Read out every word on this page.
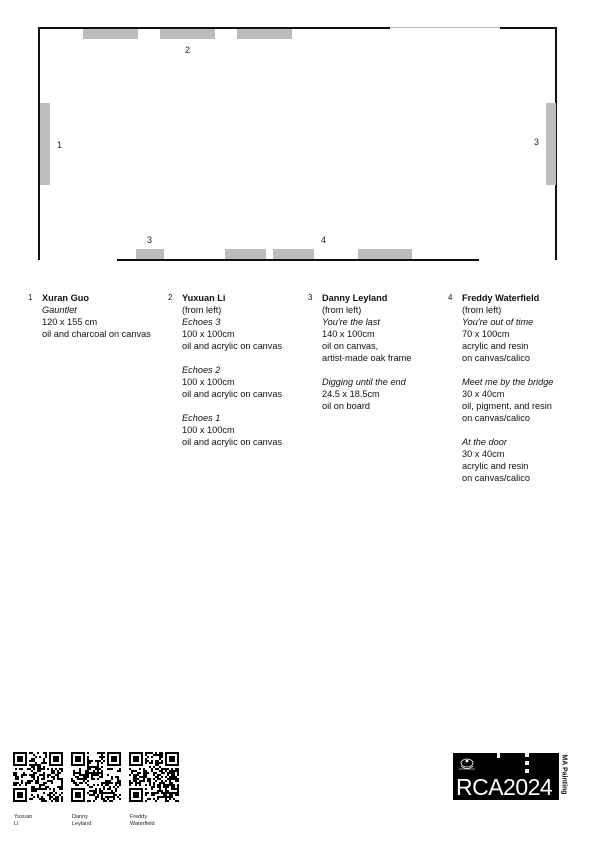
1
2
3
3	4
1 Xuran Guo
Gauntlet
120 x 155 cm
oil and charcoal on canvas
2 Yuxuan Li
(from left)
Echoes 3
100 x 100cm
oil and acrylic on canvas
Echoes 2
100 x 100cm
oil and acrylic on canvas
Echoes 1
100 x 100cm
oil and acrylic on canvas
3 Danny Leyland
(from left)
You're the last
140 x 100cm
oil on canvas,
artist-made oak frame
Digging until the end
24.5 x 18.5cm
oil on board
4 Freddy Waterfield
(from left)
You're out of time
70 x 100cm
acrylic and resin
on canvas/calico
Meet me by the bridge
30 x 40cm
oil, pigment, and resin
on canvas/calico
At the door
30 x 40cm
acrylic and resin
on canvas/calico
Yuxuan
Li
Danny
Leyland
Freddy
Waterfield
RCA2024 MA Painting
